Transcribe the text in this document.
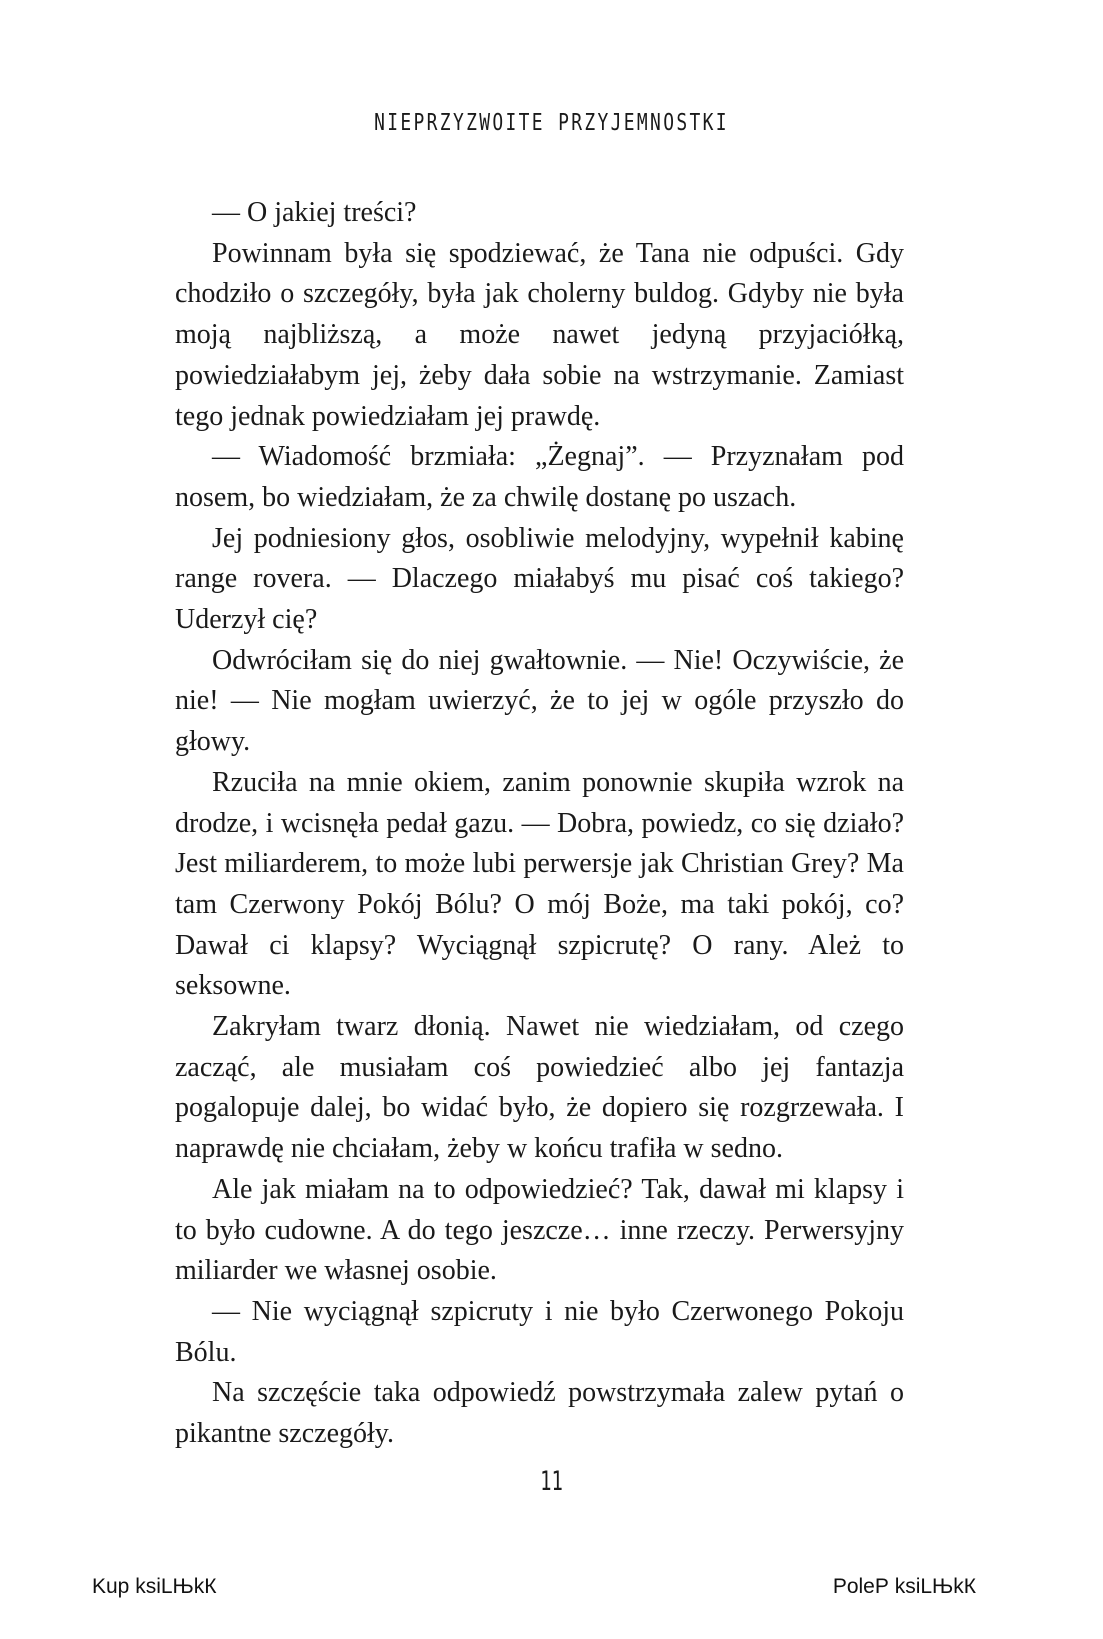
NIEPRZYZWOITE PRZYJEMNOSTKI

— O jakiej treści?

Powinnam była się spodziewać, że Tana nie odpuści. Gdy chodziło o szczegóły, była jak cholerny buldog. Gdyby nie była moją najbliższą, a może nawet jedyną przyjaciółką, powiedziałabym jej, żeby dała sobie na wstrzymanie. Zamiast tego jednak powiedziałam jej prawdę.

— Wiadomość brzmiała: „Żegnaj”. — Przyznałam pod nosem, bo wiedziałam, że za chwilę dostanę po uszach.

Jej podniesiony głos, osobliwie melodyjny, wypełnił kabinę range rovera. — Dlaczego miałabyś mu pisać coś takiego? Uderzył cię?

Odwróciłam się do niej gwałtownie. — Nie! Oczywiście, że nie! — Nie mogłam uwierzyć, że to jej w ogóle przyszło do głowy.

Rzuciła na mnie okiem, zanim ponownie skupiła wzrok na drodze, i wcisnęła pedał gazu. — Dobra, powiedz, co się działo? Jest miliarderem, to może lubi perwersje jak Christian Grey? Ma tam Czerwony Pokój Bólu? O mój Boże, ma taki pokój, co? Dawał ci klapsy? Wyciągnął szpicrutę? O rany. Ależ to seksowne.

Zakryłam twarz dłonią. Nawet nie wiedziałam, od czego zacząć, ale musiałam coś powiedzieć albo jej fantazja pogalopuje dalej, bo widać było, że dopiero się rozgrzewała. I naprawdę nie chciałam, żeby w końcu trafiła w sedno.

Ale jak miałam na to odpowiedzieć? Tak, dawał mi klapsy i to było cudowne. A do tego jeszcze… inne rzeczy. Perwersyjny miliarder we własnej osobie.

— Nie wyciągnął szpicruty i nie było Czerwonego Pokoju Bólu.

Na szczęście taka odpowiedź powstrzymała zalew pytań o pikantne szczegóły.

11
Kup ksiLЊkК	PoleР ksiLЊkК
